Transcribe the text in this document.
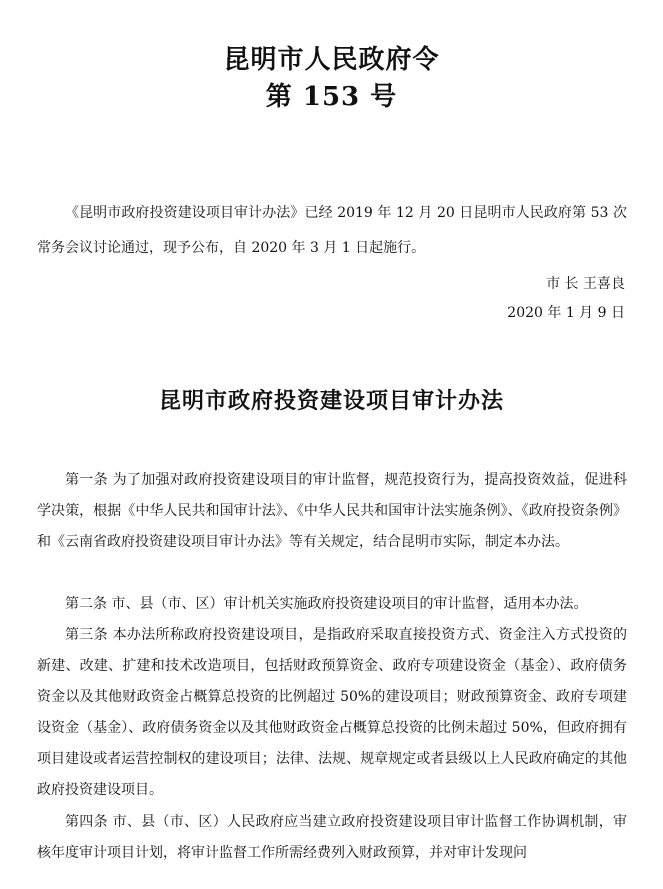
昆明市人民政府令
第 153 号

《昆明市政府投资建设项目审计办法》已经 2019 年 12 月 20 日昆明市人民政府第 53 次常务会议讨论通过，现予公布，自 2020 年 3 月 1 日起施行。

市 长 王喜良
2020 年 1 月 9 日
昆明市政府投资建设项目审计办法

第一条 为了加强对政府投资建设项目的审计监督，规范投资行为，提高投资效益，促进科学决策，根据《中华人民共和国审计法》、《中华人民共和国审计法实施条例》、《政府投资条例》和《云南省政府投资建设项目审计办法》等有关规定，结合昆明市实际，制定本办法。

第二条 市、县（市、区）审计机关实施政府投资建设项目的审计监督，适用本办法。

第三条 本办法所称政府投资建设项目，是指政府采取直接投资方式、资金注入方式投资的新建、改建、扩建和技术改造项目，包括财政预算资金、政府专项建设资金（基金）、政府债务资金以及其他财政资金占概算总投资的比例超过 50%的建设项目；财政预算资金、政府专项建设资金（基金）、政府债务资金以及其他财政资金占概算总投资的比例未超过 50%，但政府拥有项目建设或者运营控制权的建设项目；法律、法规、规章规定或者县级以上人民政府确定的其他政府投资建设项目。

第四条 市、县（市、区）人民政府应当建立政府投资建设项目审计监督工作协调机制，审核年度审计项目计划，将审计监督工作所需经费列入财政预算，并对审计发现问
